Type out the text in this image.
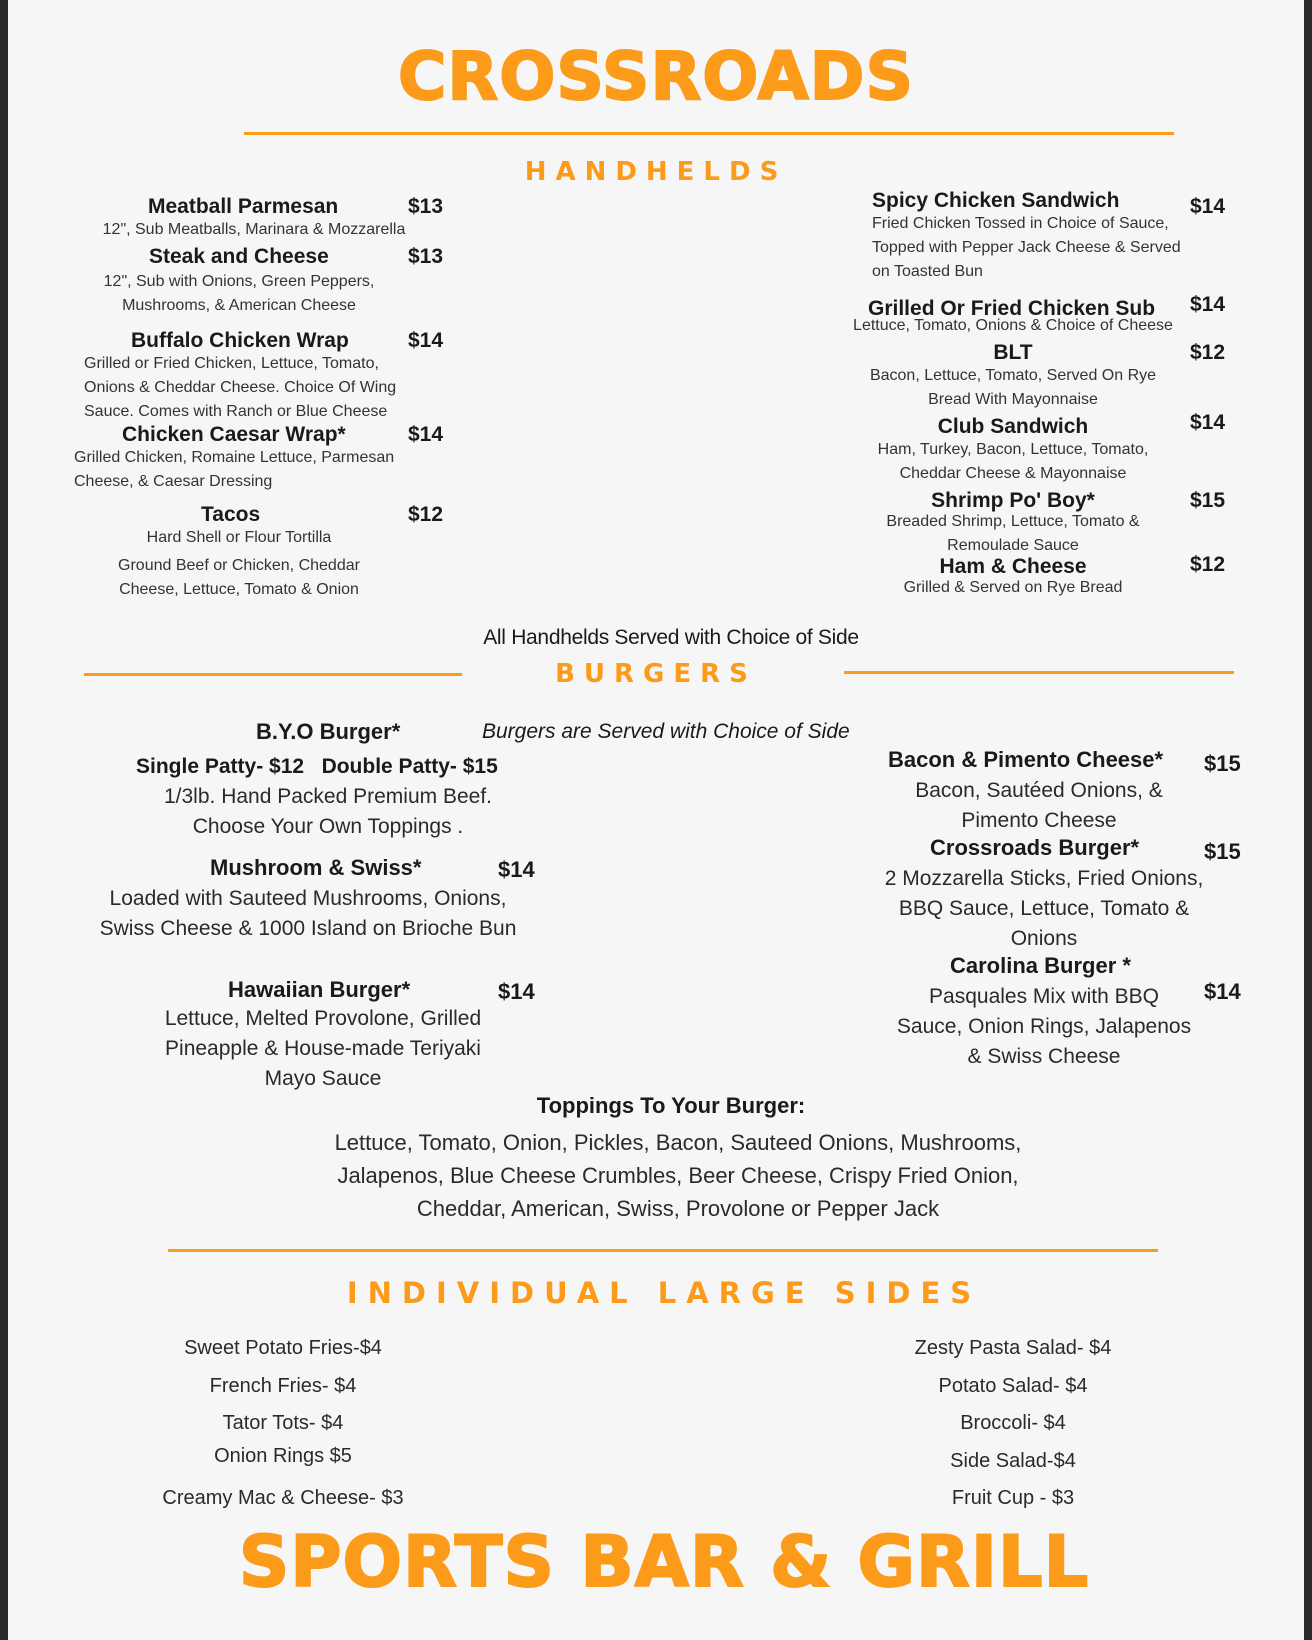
CROSSROADS
HANDHELDS
Meatball Parmesan	$13
12", Sub Meatballs, Marinara & Mozzarella
Steak and Cheese	$13
12", Sub with Onions, Green Peppers, Mushrooms, & American Cheese
Buffalo Chicken Wrap	$14
Grilled or Fried Chicken, Lettuce, Tomato, Onions & Cheddar Cheese. Choice Of Wing Sauce. Comes with Ranch or Blue Cheese
Chicken Caesar Wrap*	$14
Grilled Chicken, Romaine Lettuce, Parmesan Cheese, & Caesar Dressing
Tacos	$12
Hard Shell or Flour Tortilla
Ground Beef or Chicken, Cheddar Cheese, Lettuce, Tomato & Onion
Spicy Chicken Sandwich	$14
Fried Chicken Tossed in Choice of Sauce, Topped with Pepper Jack Cheese & Served on Toasted Bun
Grilled Or Fried Chicken Sub $14
Lettuce, Tomato, Onions & Choice of Cheese
BLT	$12
Bacon, Lettuce, Tomato, Served On Rye Bread With Mayonnaise
Club Sandwich	$14
Ham, Turkey, Bacon, Lettuce, Tomato, Cheddar Cheese & Mayonnaise
Shrimp Po' Boy*	$15
Breaded Shrimp, Lettuce, Tomato & Remoulade Sauce
Ham & Cheese	$12
Grilled & Served on Rye Bread
All Handhelds Served with Choice of Side
BURGERS
B.Y.O Burger*	Burgers are Served with Choice of Side
Single Patty- $12   Double Patty- $15
1/3lb. Hand Packed Premium Beef. Choose Your Own Toppings .
Mushroom & Swiss*	$14
Loaded with Sauteed Mushrooms, Onions, Swiss Cheese & 1000 Island on Brioche Bun
Hawaiian Burger*	$14
Lettuce, Melted Provolone, Grilled Pineapple & House-made Teriyaki Mayo Sauce
Bacon & Pimento Cheese* $15
Bacon, Sautéed Onions, & Pimento Cheese
Crossroads Burger*	$15
2 Mozzarella Sticks, Fried Onions, BBQ Sauce, Lettuce, Tomato & Onions
Carolina Burger *
$14
Pasquales Mix with BBQ Sauce, Onion Rings, Jalapenos & Swiss Cheese
Toppings To Your Burger:
Lettuce, Tomato, Onion, Pickles, Bacon, Sauteed Onions, Mushrooms, Jalapenos, Blue Cheese Crumbles, Beer Cheese, Crispy Fried Onion, Cheddar, American, Swiss, Provolone or Pepper Jack
INDIVIDUAL LARGE SIDES
Sweet Potato Fries-$4
French Fries- $4
Tator Tots- $4
Onion Rings $5
Creamy Mac & Cheese- $3
Zesty Pasta Salad- $4
Potato Salad- $4
Broccoli- $4
Side Salad-$4
Fruit Cup - $3
SPORTS BAR & GRILL
